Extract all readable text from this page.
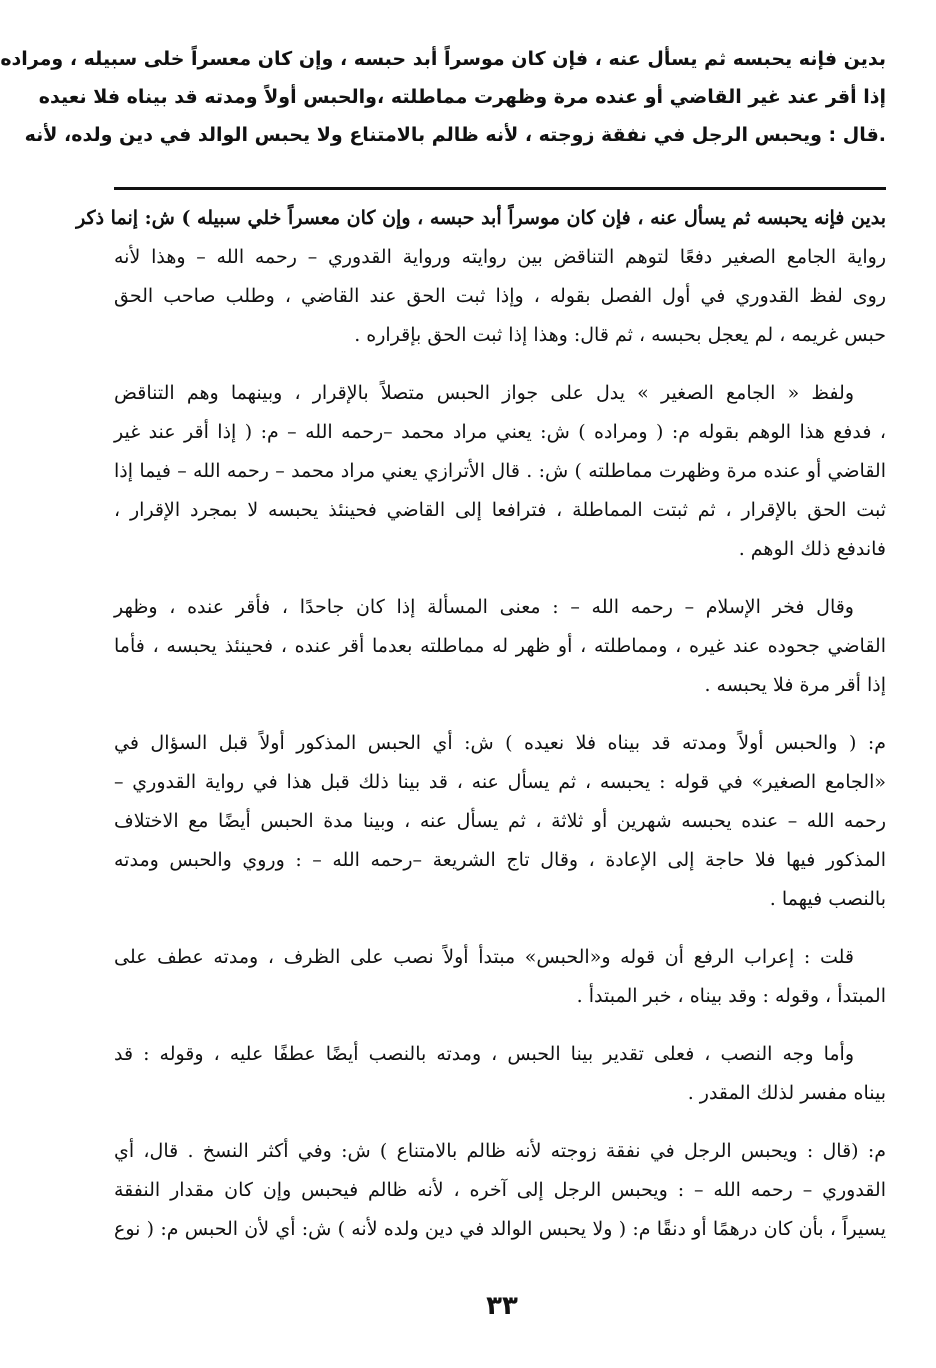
بدين فإنه يحبسه ثم يسأل عنه ، فإن كان موسراً أبد حبسه ، وإن كان معسراً خلى سبيله ، ومراده
إذا أقر عند غير القاضي أو عنده مرة وظهرت مماطلته ،والحبس أولاً ومدته قد بيناه فلا نعيده
.قال : ويحبس الرجل في نفقة زوجته ، لأنه ظالم بالامتناع ولا يحبس الوالد في دين ولده، لأنه
بدين فإنه يحبسه ثم يسأل عنه ، فإن كان موسراً أبد حبسه ، وإن كان معسراً خلي سبيله ) ش: إنما ذكر
رواية الجامع الصغير دفعًا لتوهم التناقض بين روايته ورواية القدوري – رحمه الله – وهذا لأنه
روى لفظ القدوري في أول الفصل بقوله ، وإذا ثبت الحق عند القاضي ، وطلب صاحب الحق
حبس غريمه ، لم يعجل بحبسه ، ثم قال: وهذا إذا ثبت الحق بإقراره .
ولفظ « الجامع الصغير » يدل على جواز الحبس متصلاً بالإقرار ، وبينهما وهم التناقض
، فدفع هذا الوهم بقوله م: ( ومراده ) ش: يعني مراد محمد –رحمه الله – م: ( إذا أقر عند غير
القاضي أو عنده مرة وظهرت مماطلته ) ش: . قال الأترازي يعني مراد محمد – رحمه الله – فيما إذا
ثبت الحق بالإقرار ، ثم ثبتت المماطلة ، فترافعا إلى القاضي فحينئذ يحبسه لا بمجرد الإقرار ،
فاندفع ذلك الوهم .
وقال فخر الإسلام – رحمه الله – : معنى المسألة إذا كان جاحدًا ، فأقر عنده ، وظهر
القاضي جحوده عند غيره ، ومماطلته ، أو ظهر له مماطلته بعدما أقر عنده ، فحينئذ يحبسه ، فأما
إذا أقر مرة فلا يحبسه .
م: ( والحبس أولاً ومدته قد بيناه فلا نعيده ) ش: أي الحبس المذكور أولاً قبل السؤال في
«الجامع الصغير» في قوله : يحبسه ، ثم يسأل عنه ، قد بينا ذلك قبل هذا في رواية القدوري –
رحمه الله – عنده يحبسه شهرين أو ثلاثة ، ثم يسأل عنه ، وبينا مدة الحبس أيضًا مع الاختلاف
المذكور فيها فلا حاجة إلى الإعادة ، وقال تاج الشريعة –رحمه الله – : وروي والحبس ومدته
بالنصب فيهما .
قلت : إعراب الرفع أن قوله و«الحبس» مبتدأ أولاً نصب على الظرف ، ومدته عطف على
المبتدأ ، وقوله : وقد بيناه ، خبر المبتدأ .
وأما وجه النصب ، فعلى تقدير بينا الحبس ، ومدته بالنصب أيضًا عطفًا عليه ، وقوله : قد
بيناه مفسر لذلك المقدر .
م: (قال : ويحبس الرجل في نفقة زوجته لأنه ظالم بالامتناع ) ش: وفي أكثر النسخ . قال، أي
القدوري – رحمه الله – : ويحبس الرجل إلى آخره ، لأنه ظالم فيحبس وإن كان مقدار النفقة
يسيراً ، بأن كان درهمًا أو دنقًا م: ( ولا يحبس الوالد في دين ولده لأنه ) ش: أي لأن الحبس م: ( نوع
٣٣
